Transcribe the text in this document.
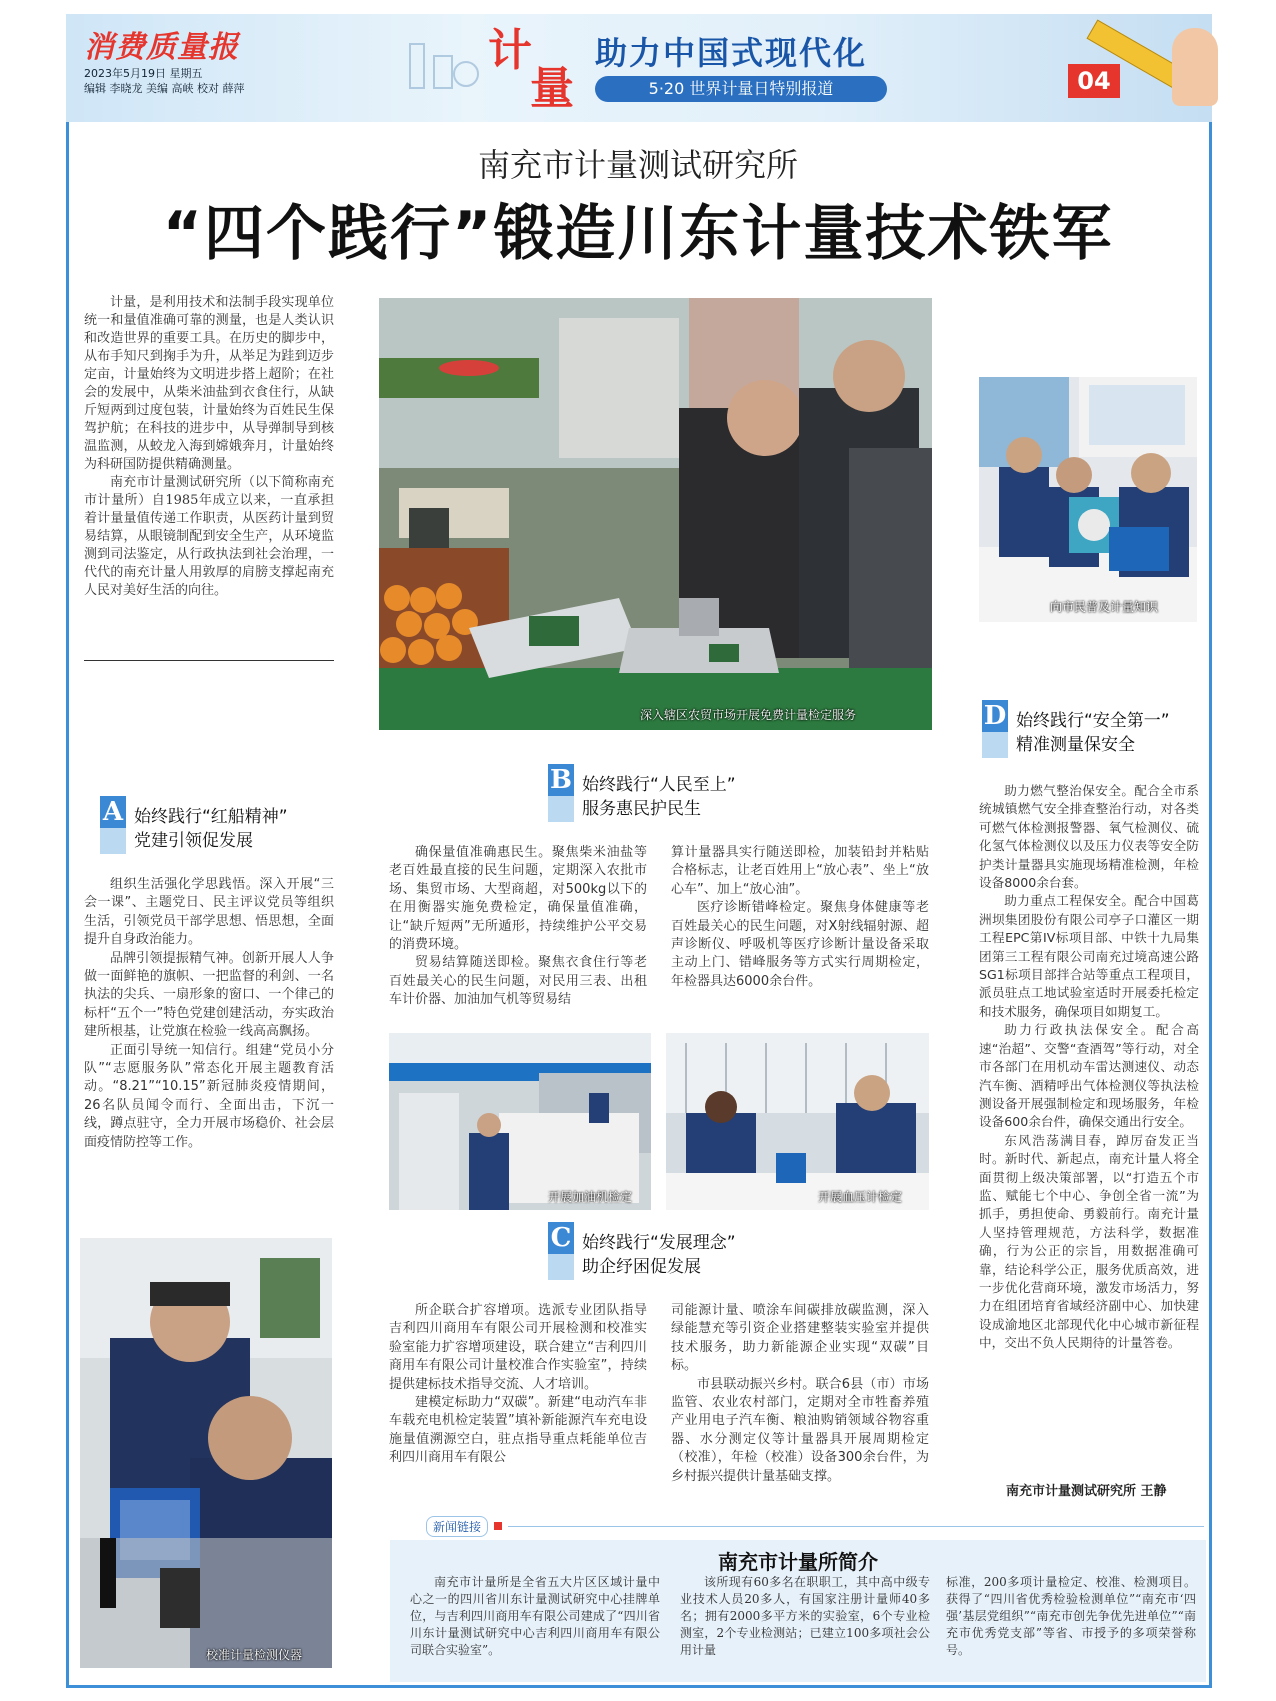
消费质量报
2023年5月19日 星期五
编辑 李晓龙 美编 高峡 校对 薛萍
计
量
助力中国式现代化
5·20 世界计量日特别报道	04
南充市计量测试研究所
“四个践行”锻造川东计量技术铁军

计量，是利用技术和法制手段实现单位统一和量值准确可靠的测量，也是人类认识和改造世界的重要工具。在历史的脚步中，从布手知尺到掬手为升，从举足为跬到迈步定亩，计量始终为文明进步搭上超阶；在社会的发展中，从柴米油盐到衣食住行，从缺斤短两到过度包装，计量始终为百姓民生保驾护航；在科技的进步中，从导弹制导到核温监测，从蛟龙入海到嫦娥奔月，计量始终为科研国防提供精确测量。

南充市计量测试研究所（以下简称南充市计量所）自1985年成立以来，一直承担着计量量值传递工作职责，从医药计量到贸易结算，从眼镜制配到安全生产，从环境监测到司法鉴定，从行政执法到社会治理，一代代的南充计量人用敦厚的肩膀支撑起南充人民对美好生活的向往。

深入辖区农贸市场开展免费计量检定服务
向市民普及计量知识
A 始终践行“红船精神”
党建引领促发展

组织生活强化学思践悟。深入开展“三会一课”、主题党日、民主评议党员等组织生活，引领党员干部学思想、悟思想，全面提升自身政治能力。

品牌引领提振精气神。创新开展人人争做一面鲜艳的旗帜、一把监督的利剑、一名执法的尖兵、一扇形象的窗口、一个律己的标杆“五个一”特色党建创建活动，夯实政治建所根基，让党旗在检验一线高高飘扬。

正面引导统一知信行。组建“党员小分队”“志愿服务队”常态化开展主题教育活动。“8.21”“10.15”新冠肺炎疫情期间，26名队员闻令而行、全面出击，下沉一线，蹲点驻守，全力开展市场稳价、社会层面疫情防控等工作。

校准计量检测仪器
B 始终践行“人民至上”
服务惠民护民生

确保量值准确惠民生。聚焦柴米油盐等老百姓最直接的民生问题，定期深入农批市场、集贸市场、大型商超，对500kg以下的在用衡器实施免费检定，确保量值准确，让“缺斤短两”无所遁形，持续维护公平交易的消费环境。

贸易结算随送即检。聚焦衣食住行等老百姓最关心的民生问题，对民用三表、出租车计价器、加油加气机等贸易结

算计量器具实行随送即检，加装铅封并粘贴合格标志，让老百姓用上“放心表”、坐上“放心车”、加上“放心油”。

医疗诊断错峰检定。聚焦身体健康等老百姓最关心的民生问题，对X射线辐射源、超声诊断仪、呼吸机等医疗诊断计量设备采取主动上门、错峰服务等方式实行周期检定，年检器具达6000余台件。

开展加油机检定	开展血压计检定
C 始终践行“发展理念”
助企纾困促发展

所企联合扩容增项。选派专业团队指导吉利四川商用车有限公司开展检测和校准实验室能力扩容增项建设，联合建立“吉利四川商用车有限公司计量校准合作实验室”，持续提供建标技术指导交流、人才培训。

建模定标助力“双碳”。新建“电动汽车非车载充电机检定装置”填补新能源汽车充电设施量值溯源空白，驻点指导重点耗能单位吉利四川商用车有限公

司能源计量、喷涂车间碳排放碳监测，深入绿能慧充等引资企业搭建整装实验室并提供技术服务，助力新能源企业实现“双碳”目标。

市县联动振兴乡村。联合6县（市）市场监管、农业农村部门，定期对全市牲畜养殖产业用电子汽车衡、粮油购销领域谷物容重器、水分测定仪等计量器具开展周期检定（校准），年检（校准）设备300余台件，为乡村振兴提供计量基础支撑。

D 始终践行“安全第一”
精准测量保安全

助力燃气整治保安全。配合全市系统城镇燃气安全排查整治行动，对各类可燃气体检测报警器、氧气检测仪、硫化氢气体检测仪以及压力仪表等安全防护类计量器具实施现场精准检测，年检设备8000余台套。

助力重点工程保安全。配合中国葛洲坝集团股份有限公司亭子口灌区一期工程EPC第IV标项目部、中铁十九局集团第三工程有限公司南充过境高速公路SG1标项目部拌合站等重点工程项目，派员驻点工地试验室适时开展委托检定和技术服务，确保项目如期复工。

助力行政执法保安全。配合高速“治超”、交警“查酒驾”等行动，对全市各部门在用机动车雷达测速仪、动态汽车衡、酒精呼出气体检测仪等执法检测设备开展强制检定和现场服务，年检设备600余台件，确保交通出行安全。

东风浩荡满目春，踔厉奋发正当时。新时代、新起点，南充计量人将全面贯彻上级决策部署，以“打造五个市监、赋能七个中心、争创全省一流”为抓手，勇担使命、勇毅前行。南充计量人坚持管理规范，方法科学，数据准确，行为公正的宗旨，用数据准确可靠，结论科学公正，服务优质高效，进一步优化营商环境，激发市场活力，努力在组团培育省域经济副中心、加快建设成渝地区北部现代化中心城市新征程中，交出不负人民期待的计量答卷。

南充市计量测试研究所 王静
新闻链接
南充市计量所简介

南充市计量所是全省五大片区区域计量中心之一的四川省川东计量测试研究中心挂牌单位，与吉利四川商用车有限公司建成了“四川省川东计量测试研究中心吉利四川商用车有限公司联合实验室”。

该所现有60多名在职职工，其中高中级专业技术人员20多人，有国家注册计量师40多名；拥有2000多平方米的实验室，6个专业检测室，2个专业检测站；已建立100多项社会公用计量

标准，200多项计量检定、校准、检测项目。获得了“四川省优秀检验检测单位”“南充市‘四强’基层党组织”“南充市创先争优先进单位”“南充市优秀党支部”等省、市授予的多项荣誉称号。
